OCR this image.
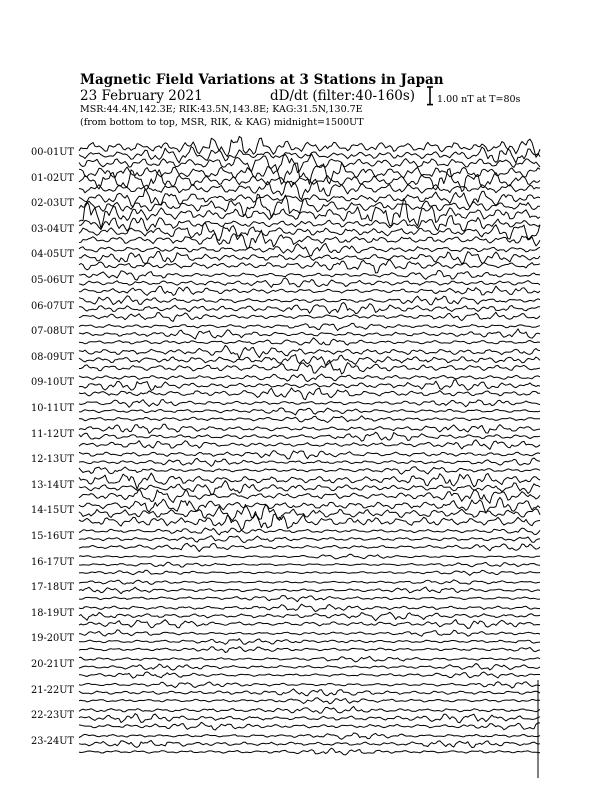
Magnetic Field Variations at 3 Stations in Japan
23 February 2021	dD/dt (filter:40-160s)
MSR:44.4N,142.3E; RIK:43.5N,143.8E; KAG:31.5N,130.7E
(from bottom to top, MSR, RIK, & KAG) midnight=1500UT
1.00 nT at T=80s
00-01UT
01-02UT
02-03UT
03-04UT
04-05UT
05-06UT
06-07UT
07-08UT
08-09UT
09-10UT
10-11UT
11-12UT
12-13UT
13-14UT
14-15UT
15-16UT
16-17UT
17-18UT
18-19UT
19-20UT
20-21UT
21-22UT
22-23UT
23-24UT
